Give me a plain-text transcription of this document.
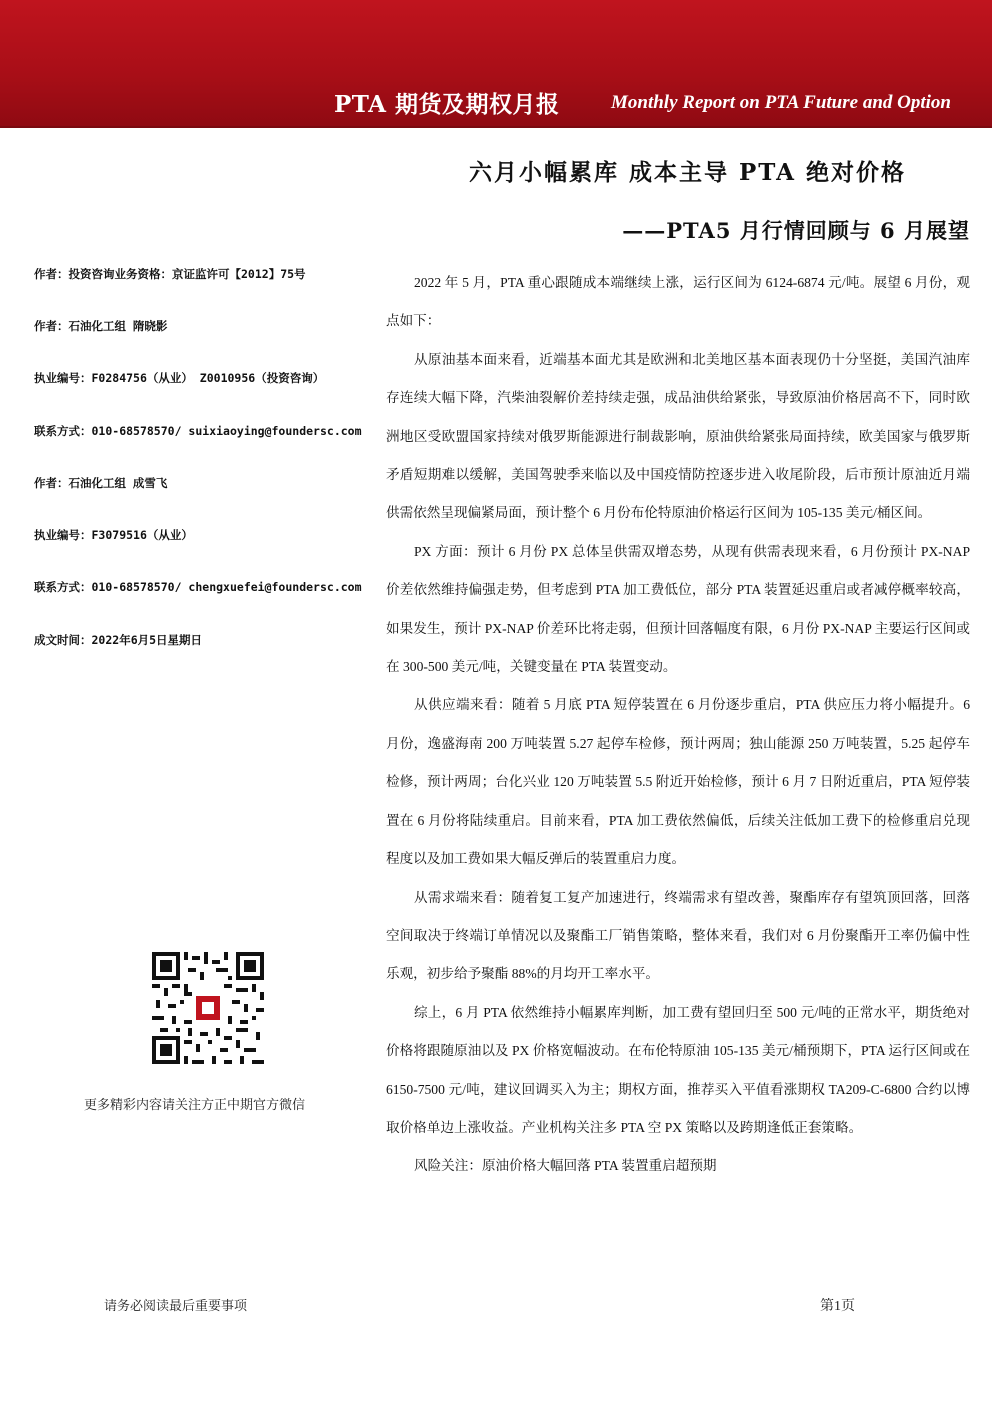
PTA 期货及期权月报	Monthly Report on PTA Future and Option
六月小幅累库 成本主导 PTA 绝对价格
——PTA5 月行情回顾与 6 月展望
作者：投资咨询业务资格：京证监许可【2012】75号
作者：石油化工组 隋晓影
执业编号：F0284756（从业） Z0010956（投资咨询）
联系方式：010-68578570/ suixiaoying@foundersc.com
作者：石油化工组 成雪飞
执业编号：F3079516（从业）
联系方式：010-68578570/ chengxuefei@foundersc.com
成文时间：2022年6月5日星期日
更多精彩内容请关注方正中期官方微信

2022 年 5 月，PTA 重心跟随成本端继续上涨，运行区间为 6124-6874 元/吨。展望 6 月份，观点如下：

从原油基本面来看，近端基本面尤其是欧洲和北美地区基本面表现仍十分坚挺，美国汽油库存连续大幅下降，汽柴油裂解价差持续走强，成品油供给紧张，导致原油价格居高不下，同时欧洲地区受欧盟国家持续对俄罗斯能源进行制裁影响，原油供给紧张局面持续，欧美国家与俄罗斯矛盾短期难以缓解，美国驾驶季来临以及中国疫情防控逐步进入收尾阶段，后市预计原油近月端供需依然呈现偏紧局面，预计整个 6 月份布伦特原油价格运行区间为 105-135 美元/桶区间。

PX 方面：预计 6 月份 PX 总体呈供需双增态势，从现有供需表现来看，6 月份预计 PX-NAP 价差依然维持偏强走势，但考虑到 PTA 加工费低位，部分 PTA 装置延迟重启或者减停概率较高，如果发生，预计 PX-NAP 价差环比将走弱，但预计回落幅度有限，6 月份 PX-NAP 主要运行区间或在 300-500 美元/吨，关键变量在 PTA 装置变动。

从供应端来看：随着 5 月底 PTA 短停装置在 6 月份逐步重启，PTA 供应压力将小幅提升。6 月份，逸盛海南 200 万吨装置 5.27 起停车检修，预计两周；独山能源 250 万吨装置，5.25 起停车检修，预计两周；台化兴业 120 万吨装置 5.5 附近开始检修，预计 6 月 7 日附近重启，PTA 短停装置在 6 月份将陆续重启。目前来看，PTA 加工费依然偏低，后续关注低加工费下的检修重启兑现程度以及加工费如果大幅反弹后的装置重启力度。

从需求端来看：随着复工复产加速进行，终端需求有望改善，聚酯库存有望筑顶回落，回落空间取决于终端订单情况以及聚酯工厂销售策略，整体来看，我们对 6 月份聚酯开工率仍偏中性乐观，初步给予聚酯 88%的月均开工率水平。

综上，6 月 PTA 依然维持小幅累库判断，加工费有望回归至 500 元/吨的正常水平，期货绝对价格将跟随原油以及 PX 价格宽幅波动。在布伦特原油 105-135 美元/桶预期下，PTA 运行区间或在 6150-7500 元/吨，建议回调买入为主；期权方面，推荐买入平值看涨期权 TA209-C-6800 合约以博取价格单边上涨收益。产业机构关注多 PTA 空 PX 策略以及跨期逢低正套策略。

风险关注：原油价格大幅回落 PTA 装置重启超预期

请务必阅读最后重要事项	第1页
